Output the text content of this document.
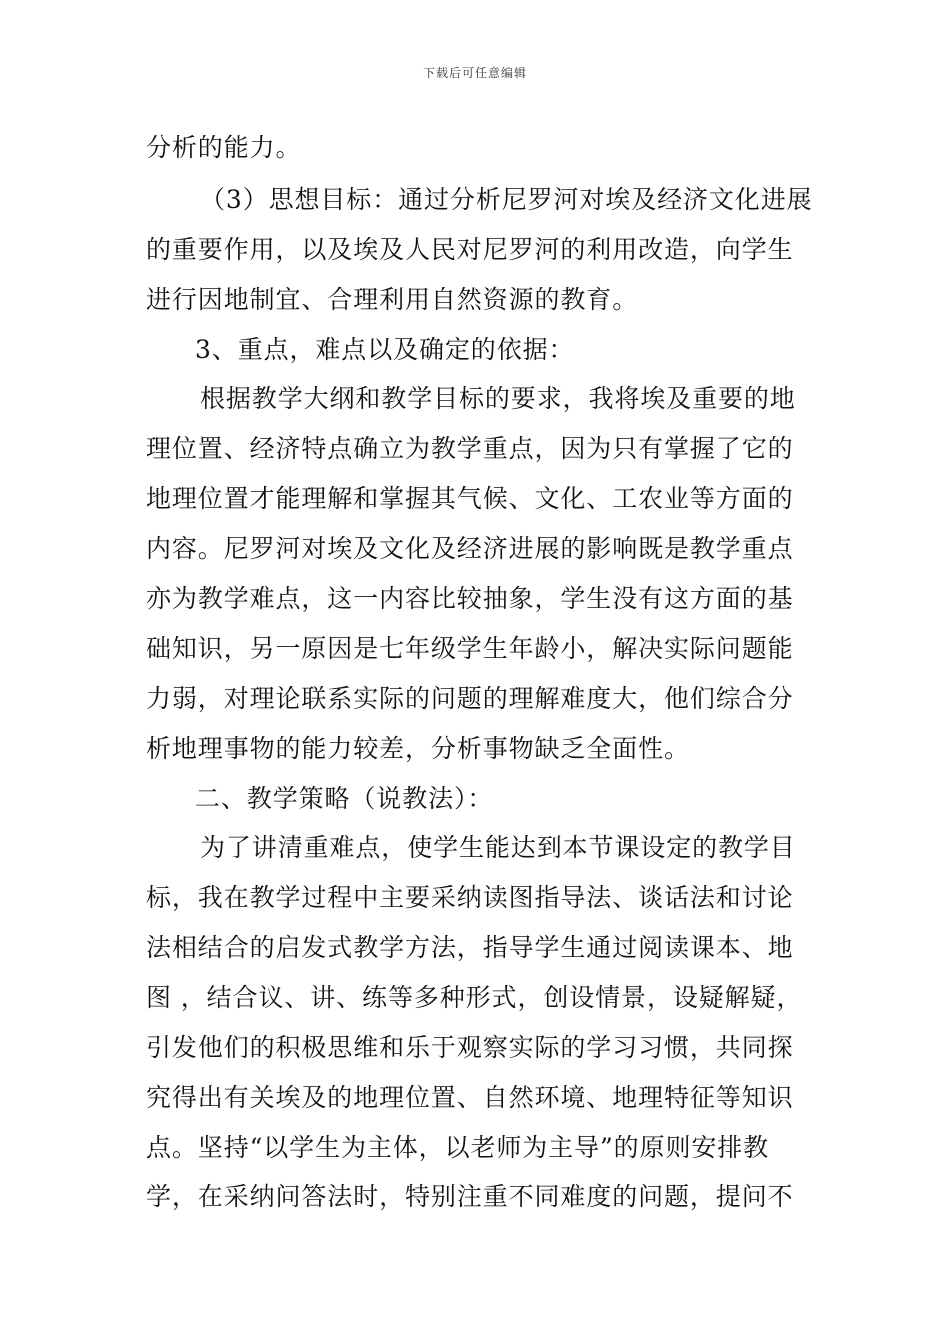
下载后可任意编辑
分析的能力。
（3）思想目标：通过分析尼罗河对埃及经济文化进展
的重要作用，以及埃及人民对尼罗河的利用改造，向学生
进行因地制宜、合理利用自然资源的教育。
3、重点，难点以及确定的依据：
根据教学大纲和教学目标的要求，我将埃及重要的地
理位置、经济特点确立为教学重点，因为只有掌握了它的
地理位置才能理解和掌握其气候、文化、工农业等方面的
内容。尼罗河对埃及文化及经济进展的影响既是教学重点
亦为教学难点，这一内容比较抽象，学生没有这方面的基
础知识，另一原因是七年级学生年龄小，解决实际问题能
力弱，对理论联系实际的问题的理解难度大，他们综合分
析地理事物的能力较差，分析事物缺乏全面性。
二、教学策略（说教法）：
为了讲清重难点，使学生能达到本节课设定的教学目
标，我在教学过程中主要采纳读图指导法、谈话法和讨论
法相结合的启发式教学方法，指导学生通过阅读课本、地
图 ，结合议、讲、练等多种形式，创设情景，设疑解疑，
引发他们的积极思维和乐于观察实际的学习习惯，共同探
究得出有关埃及的地理位置、自然环境、地理特征等知识
点。坚持“以学生为主体，以老师为主导”的原则安排教
学，在采纳问答法时，特别注重不同难度的问题，提问不
